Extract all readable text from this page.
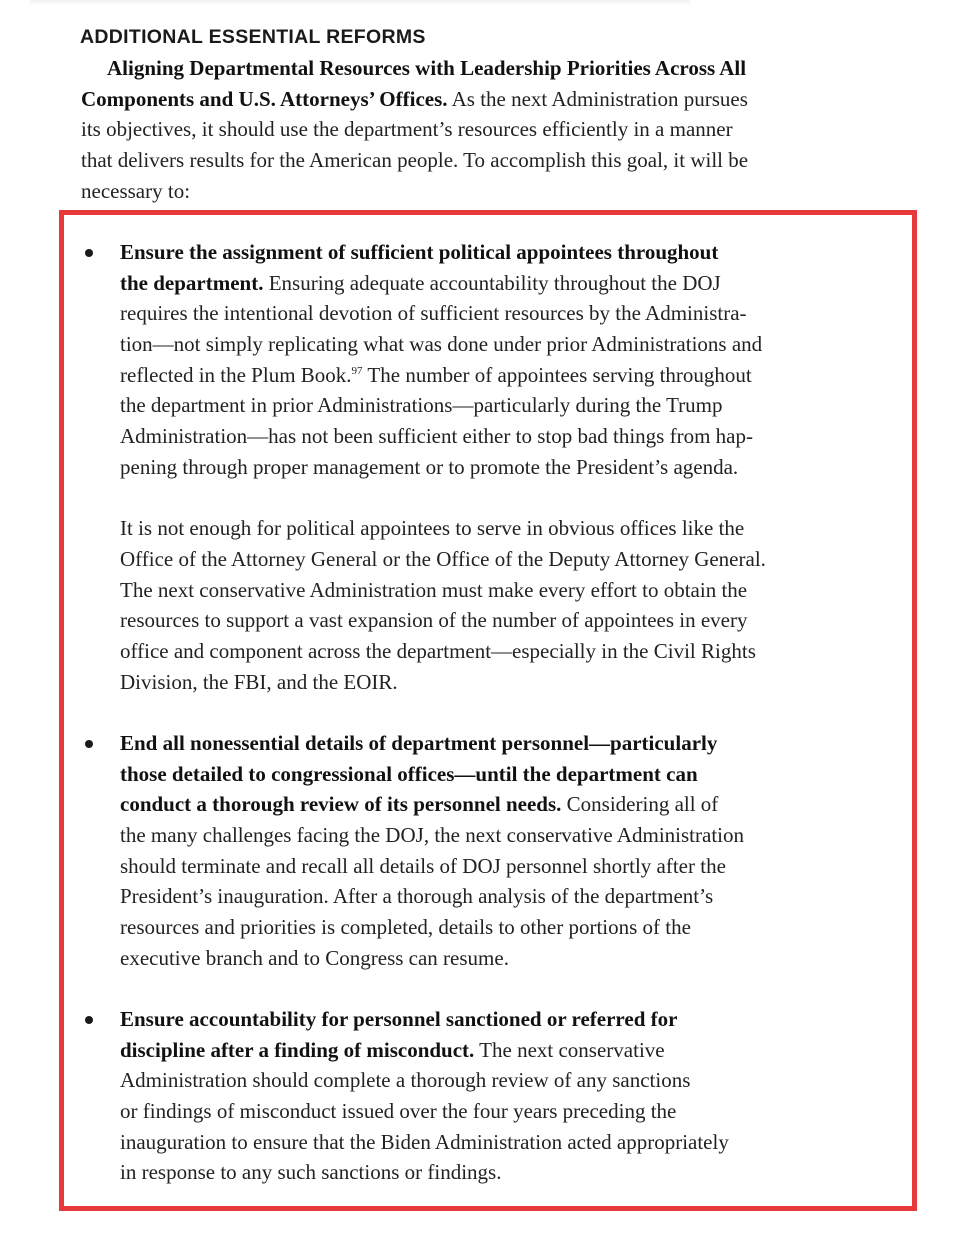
ADDITIONAL ESSENTIAL REFORMS
Aligning Departmental Resources with Leadership Priorities Across All
Components and U.S. Attorneys’ Offices. As the next Administration pursues
its objectives, it should use the department’s resources efficiently in a manner
that delivers results for the American people. To accomplish this goal, it will be
necessary to:
Ensure the assignment of sufficient political appointees throughout
the department. Ensuring adequate accountability throughout the DOJ
requires the intentional devotion of sufficient resources by the Administra-
tion—not simply replicating what was done under prior Administrations and
reflected in the Plum Book.$^{97}$ The number of appointees serving throughout
the department in prior Administrations—particularly during the Trump
Administration—has not been sufficient either to stop bad things from hap-
pening through proper management or to promote the President’s agenda.
It is not enough for political appointees to serve in obvious offices like the
Office of the Attorney General or the Office of the Deputy Attorney General.
The next conservative Administration must make every effort to obtain the
resources to support a vast expansion of the number of appointees in every
office and component across the department—especially in the Civil Rights
Division, the FBI, and the EOIR.
End all nonessential details of department personnel—particularly
those detailed to congressional offices—until the department can
conduct a thorough review of its personnel needs. Considering all of
the many challenges facing the DOJ, the next conservative Administration
should terminate and recall all details of DOJ personnel shortly after the
President’s inauguration. After a thorough analysis of the department’s
resources and priorities is completed, details to other portions of the
executive branch and to Congress can resume.
Ensure accountability for personnel sanctioned or referred for
discipline after a finding of misconduct. The next conservative
Administration should complete a thorough review of any sanctions
or findings of misconduct issued over the four years preceding the
inauguration to ensure that the Biden Administration acted appropriately
in response to any such sanctions or findings.
